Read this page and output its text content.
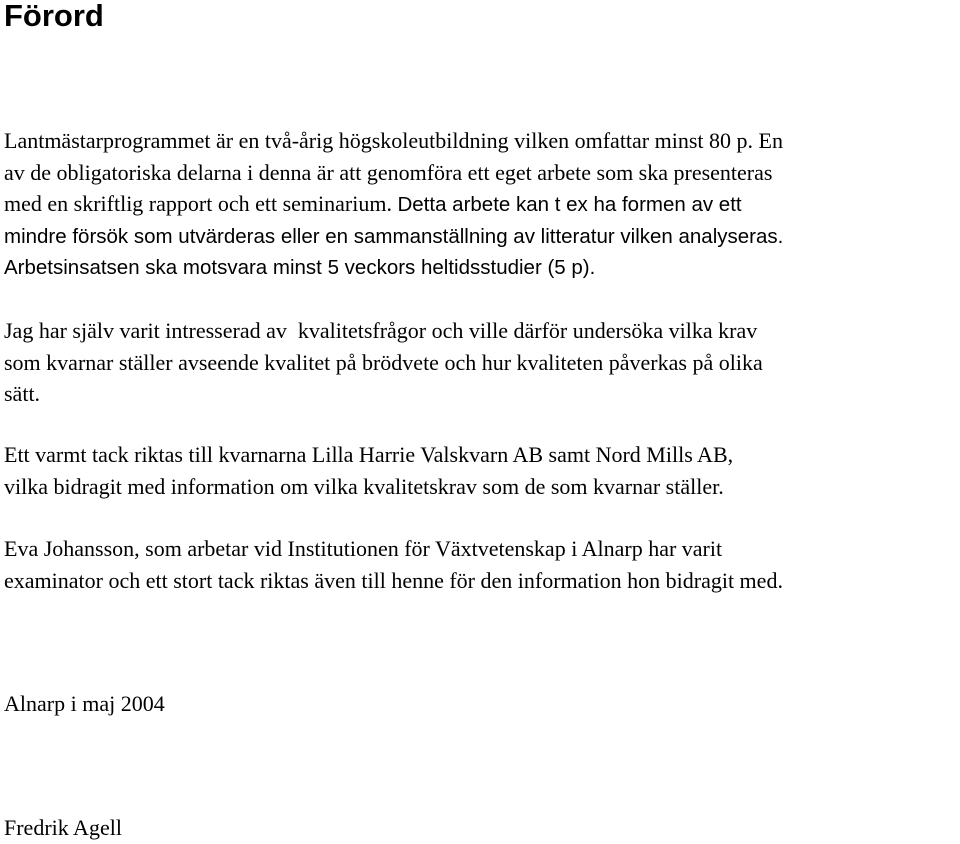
Förord

Lantmästarprogrammet är en två-årig högskoleutbildning vilken omfattar minst 80 p. En
av de obligatoriska delarna i denna är att genomföra ett eget arbete som ska presenteras
med en skriftlig rapport och ett seminarium. Detta arbete kan t ex ha formen av ett
mindre försök som utvärderas eller en sammanställning av litteratur vilken analyseras.
Arbetsinsatsen ska motsvara minst 5 veckors heltidsstudier (5 p).

Jag har själv varit intresserad av  kvalitetsfrågor och ville därför undersöka vilka krav
som kvarnar ställer avseende kvalitet på brödvete och hur kvaliteten påverkas på olika
sätt.

Ett varmt tack riktas till kvarnarna Lilla Harrie Valskvarn AB samt Nord Mills AB,
vilka bidragit med information om vilka kvalitetskrav som de som kvarnar ställer.

Eva Johansson, som arbetar vid Institutionen för Växtvetenskap i Alnarp har varit
examinator och ett stort tack riktas även till henne för den information hon bidragit med.

Alnarp i maj 2004

Fredrik Agell
